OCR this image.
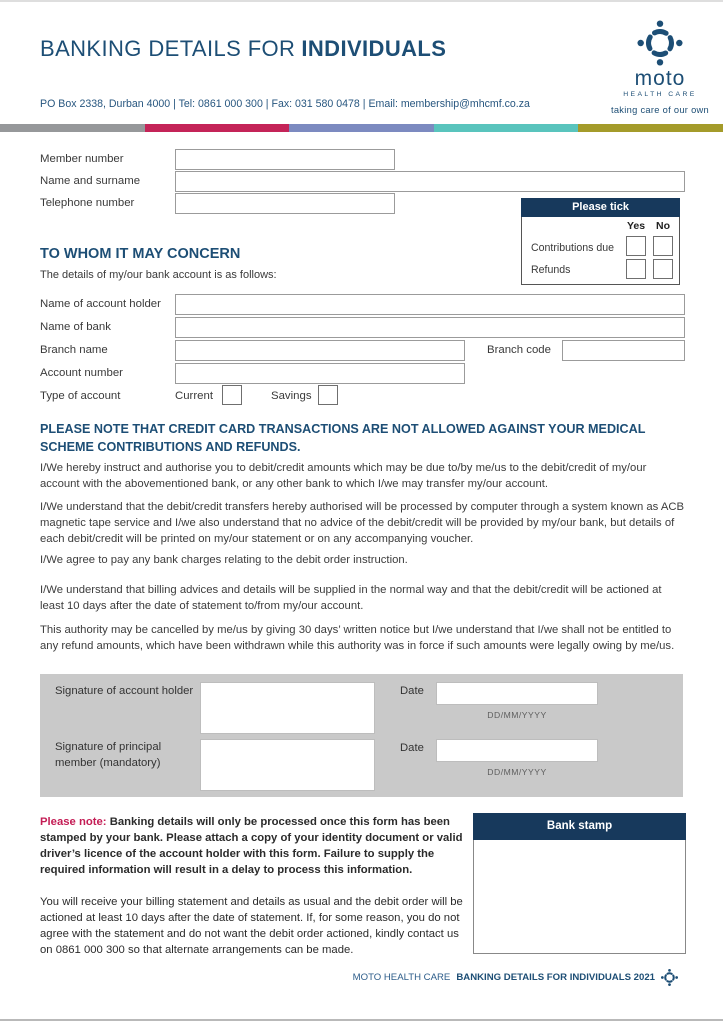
BANKING DETAILS FOR INDIVIDUALS
moto
HEALTH CARE
taking care of our own
PO Box 2338, Durban 4000 | Tel: 0861 000 300 | Fax: 031 580 0478 | Email: membership@mhcmf.co.za
Member number
Name and surname
Telephone number	Please tick
Yes No
Contributions due
Refunds
TO WHOM IT MAY CONCERN
The details of my/our bank account is as follows:
Name of account holder
Name of bank
Branch name	Branch code
Account number
Type of account	Current	Savings
PLEASE NOTE THAT CREDIT CARD TRANSACTIONS ARE NOT ALLOWED AGAINST YOUR MEDICAL SCHEME CONTRIBUTIONS AND REFUNDS.
I/We hereby instruct and authorise you to debit/credit amounts which may be due to/by me/us to the debit/credit of my/our account with the abovementioned bank, or any other bank to which I/we may transfer my/our account.
I/We understand that the debit/credit transfers hereby authorised will be processed by computer through a system known as ACB magnetic tape service and I/we also understand that no advice of the debit/credit will be provided by my/our bank, but details of each debit/credit will be printed on my/our statement or on any accompanying voucher.
I/We agree to pay any bank charges relating to the debit order instruction.
I/We understand that billing advices and details will be supplied in the normal way and that the debit/credit will be actioned at least 10 days after the date of statement to/from my/our account.
This authority may be cancelled by me/us by giving 30 days’ written notice but I/we understand that I/we shall not be entitled to any refund amounts, which have been withdrawn while this authority was in force if such amounts were legally owing by me/us.
Signature of account holder	Date
DD/MM/YYYY
Signature of principal member (mandatory)
Date
DD/MM/YYYY
Please note: Banking details will only be processed once this form has been stamped by your bank. Please attach a copy of your identity document or valid driver’s licence of the account holder with this form. Failure to supply the required information will result in a delay to process this information.
You will receive your billing statement and details as usual and the debit order will be actioned at least 10 days after the date of statement. If, for some reason, you do not agree with the statement and do not want the debit order actioned, kindly contact us on 0861 000 300 so that alternate arrangements can be made.
Bank stamp
MOTO HEALTH CARE BANKING DETAILS FOR INDIVIDUALS 2021
